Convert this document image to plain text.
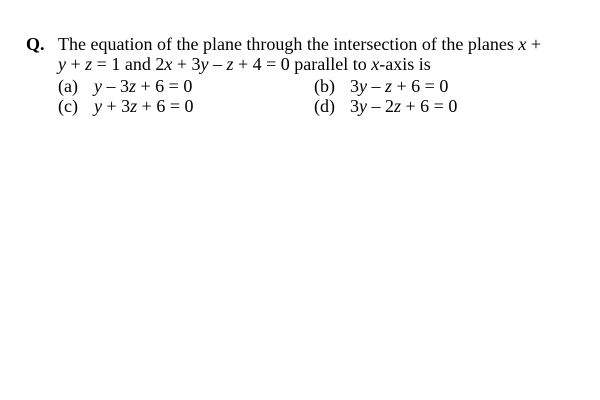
Q. The equation of the plane through the intersection of the planes x +
y + z = 1 and 2x + 3y – z + 4 = 0 parallel to x-axis is
(a) y – 3z + 6 = 0	(b) 3y – z + 6 = 0
(c) y + 3z + 6 = 0	(d) 3y – 2z + 6 = 0
